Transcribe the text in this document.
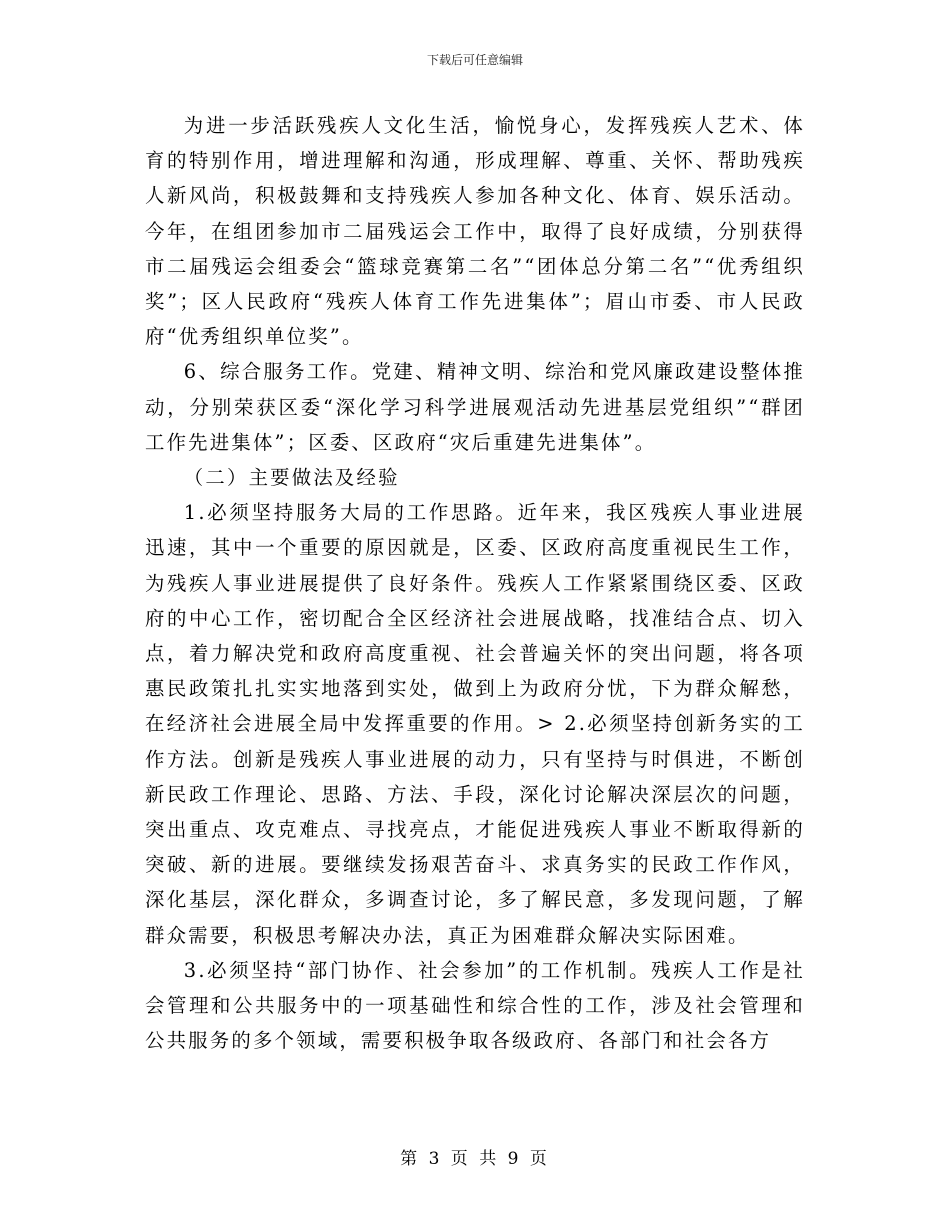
下载后可任意编辑

为进一步活跃残疾人文化生活，愉悦身心，发挥残疾人艺术、体育的特别作用，增进理解和沟通，形成理解、尊重、关怀、帮助残疾人新风尚，积极鼓舞和支持残疾人参加各种文化、体育、娱乐活动。今年，在组团参加市二届残运会工作中，取得了良好成绩，分别获得市二届残运会组委会“篮球竞赛第二名”“团体总分第二名”“优秀组织奖”；区人民政府“残疾人体育工作先进集体”；眉山市委、市人民政府“优秀组织单位奖”。

6、综合服务工作。党建、精神文明、综治和党风廉政建设整体推动，分别荣获区委“深化学习科学进展观活动先进基层党组织”“群团工作先进集体”；区委、区政府“灾后重建先进集体”。

（二）主要做法及经验

1.必须坚持服务大局的工作思路。近年来，我区残疾人事业进展迅速，其中一个重要的原因就是，区委、区政府高度重视民生工作，为残疾人事业进展提供了良好条件。残疾人工作紧紧围绕区委、区政府的中心工作，密切配合全区经济社会进展战略，找准结合点、切入点，着力解决党和政府高度重视、社会普遍关怀的突出问题，将各项惠民政策扎扎实实地落到实处，做到上为政府分忧，下为群众解愁，在经济社会进展全局中发挥重要的作用。> 2.必须坚持创新务实的工作方法。创新是残疾人事业进展的动力，只有坚持与时俱进，不断创新民政工作理论、思路、方法、手段，深化讨论解决深层次的问题，突出重点、攻克难点、寻找亮点，才能促进残疾人事业不断取得新的突破、新的进展。要继续发扬艰苦奋斗、求真务实的民政工作作风，深化基层，深化群众，多调查讨论，多了解民意，多发现问题，了解群众需要，积极思考解决办法，真正为困难群众解决实际困难。

3.必须坚持“部门协作、社会参加”的工作机制。残疾人工作是社会管理和公共服务中的一项基础性和综合性的工作，涉及社会管理和公共服务的多个领域，需要积极争取各级政府、各部门和社会各方

第 3 页 共 9 页
